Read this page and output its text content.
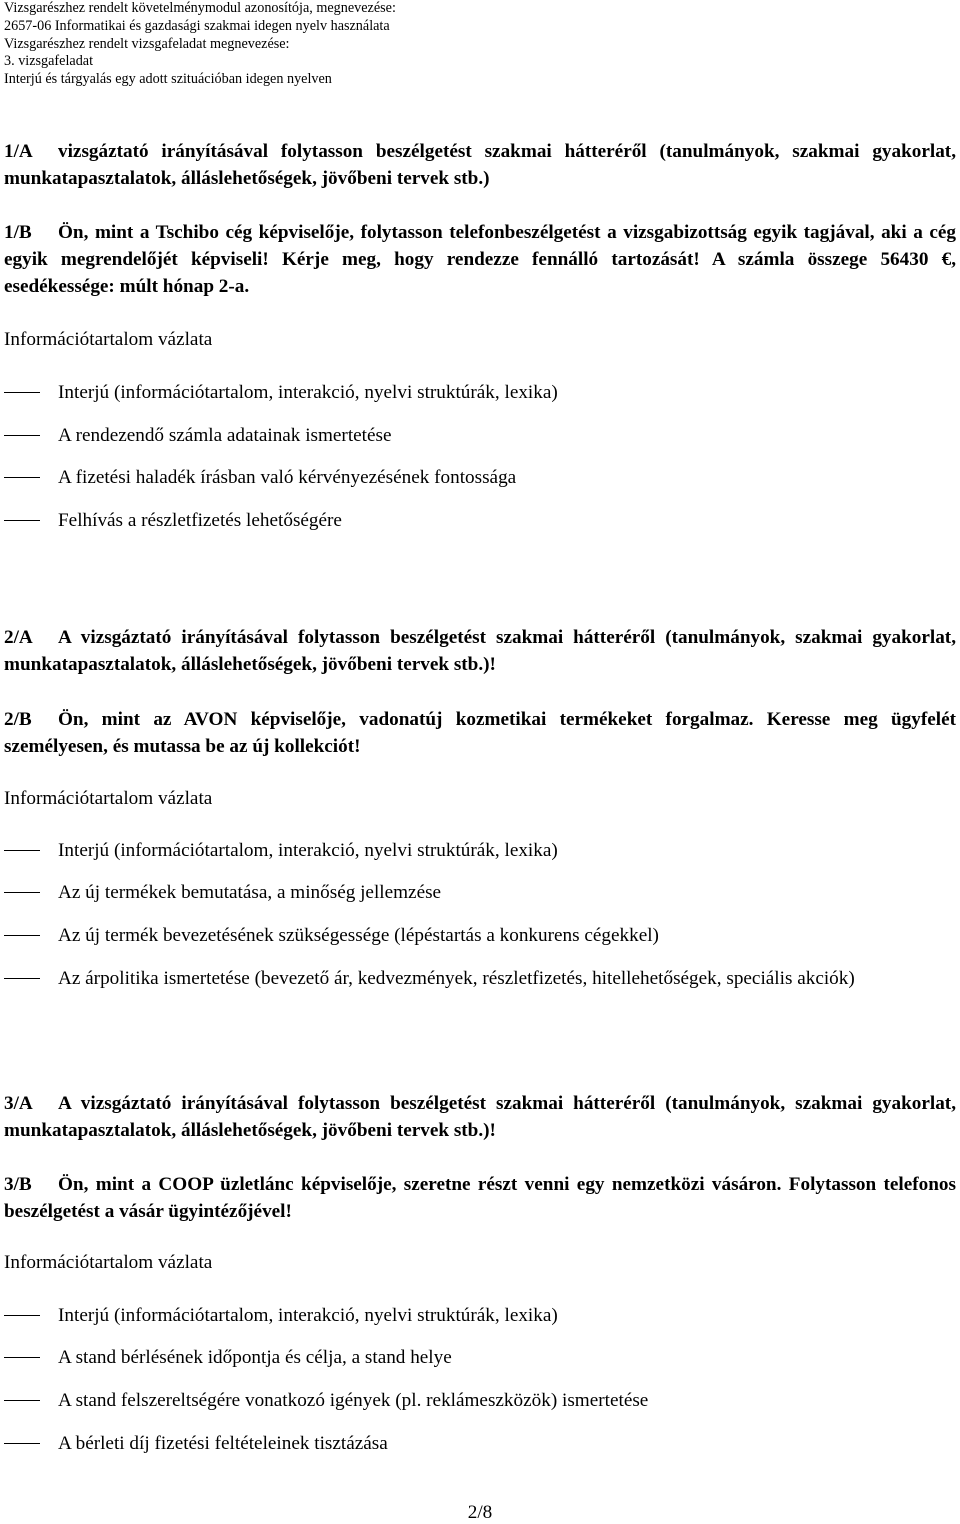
Vizsgarészhez rendelt követelménymodul azonosítója, megnevezése:
2657-06 Informatikai és gazdasági szakmai idegen nyelv használata
Vizsgarészhez rendelt vizsgafeladat megnevezése:
3. vizsgafeladat
Interjú és tárgyalás egy adott szituációban idegen nyelven
1/A vizsgáztató irányításával folytasson beszélgetést szakmai hátteréről (tanulmányok, szakmai gyakorlat, munkatapasztalatok, álláslehetőségek, jövőbeni tervek stb.)
1/B Ön, mint a Tschibo cég képviselője, folytasson telefonbeszélgetést a vizsgabizottság egyik tagjával, aki a cég egyik megrendelőjét képviseli! Kérje meg, hogy rendezze fennálló tartozását! A számla összege 56430 €, esedékessége: múlt hónap 2-a.
Információtartalom vázlata
Interjú (információtartalom, interakció, nyelvi struktúrák, lexika)
A rendezendő számla adatainak ismertetése
A fizetési haladék írásban való kérvényezésének fontossága
Felhívás a részletfizetés lehetőségére
2/A A vizsgáztató irányításával folytasson beszélgetést szakmai hátteréről (tanulmányok, szakmai gyakorlat, munkatapasztalatok, álláslehetőségek, jövőbeni tervek stb.)!
2/B Ön, mint az AVON képviselője, vadonatúj kozmetikai termékeket forgalmaz. Keresse meg ügyfelét személyesen, és mutassa be az új kollekciót!
Információtartalom vázlata
Interjú (információtartalom, interakció, nyelvi struktúrák, lexika)
Az új termékek bemutatása, a minőség jellemzése
Az új termék bevezetésének szükségessége (lépéstartás a konkurens cégekkel)
Az árpolitika ismertetése (bevezető ár, kedvezmények, részletfizetés, hitellehetőségek, speciális akciók)
3/A A vizsgáztató irányításával folytasson beszélgetést szakmai hátteréről (tanulmányok, szakmai gyakorlat, munkatapasztalatok, álláslehetőségek, jövőbeni tervek stb.)!
3/B Ön, mint a COOP üzletlánc képviselője, szeretne részt venni egy nemzetközi vásáron. Folytasson telefonos beszélgetést a vásár ügyintézőjével!
Információtartalom vázlata
Interjú (információtartalom, interakció, nyelvi struktúrák, lexika)
A stand bérlésének időpontja és célja, a stand helye
A stand felszereltségére vonatkozó igények (pl. reklámeszközök) ismertetése
A bérleti díj fizetési feltételeinek tisztázása
2/8
